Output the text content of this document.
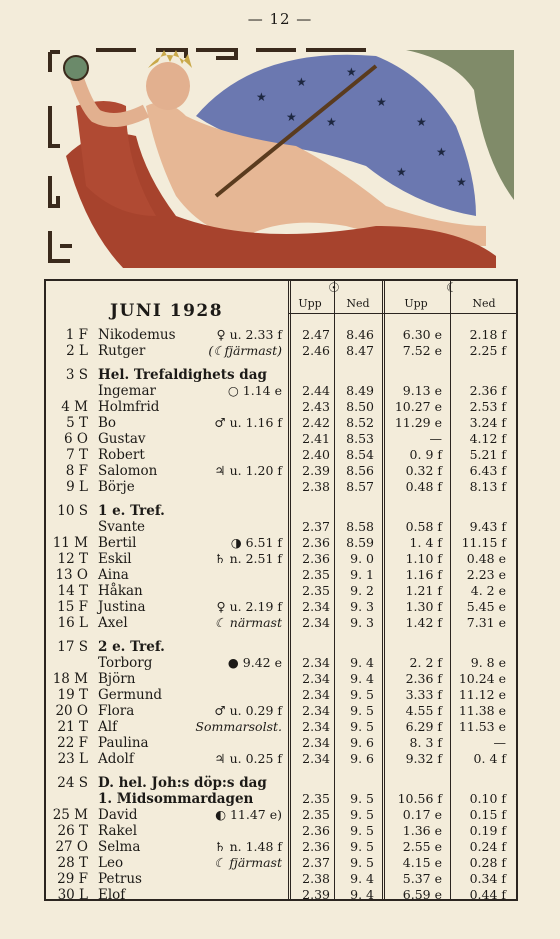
— 12 —
★
★
★
★
★
★
★
★
★
★
JUNI 1928
☉	☾
Upp	Ned	Upp	Ned
1 F Nikodemus	♀ u. 2.33 f	2.47	8.46	6.30 e	2.18 f
2 L Rutger	(☾fjärmast)	2.46	8.47	7.52 e	2.25 f
3 S Hel. Trefaldighets dag
Ingemar	○ 1.14 e	2.44	8.49	9.13 e	2.36 f
4 M Holmfrid	2.43	8.50	10.27 e	2.53 f
5 T Bo	♂ u. 1.16 f	2.42	8.52	11.29 e	3.24 f
6 O Gustav	2.41	8.53	—	4.12 f
7 T Robert	2.40	8.54	0. 9 f	5.21 f
8 F Salomon	♃ u. 1.20 f	2.39	8.56	0.32 f	6.43 f
9 L Börje	2.38	8.57	0.48 f	8.13 f
10 S 1 e. Tref.
Svante	2.37	8.58	0.58 f	9.43 f
11 M Bertil	◑ 6.51 f	2.36	8.59	1. 4 f	11.15 f
12 T Eskil	♄ n. 2.51 f	2.36	9. 0	1.10 f	0.48 e
13 O Aina	2.35	9. 1	1.16 f	2.23 e
14 T Håkan	2.35	9. 2	1.21 f	4. 2 e
15 F Justina	♀ u. 2.19 f	2.34	9. 3	1.30 f	5.45 e
16 L Axel	☾ närmast	2.34	9. 3	1.42 f	7.31 e
17 S 2 e. Tref.
Torborg	● 9.42 e	2.34	9. 4	2. 2 f	9. 8 e
18 M Björn	2.34	9. 4	2.36 f	10.24 e
19 T Germund	2.34	9. 5	3.33 f	11.12 e
20 O Flora	♂ u. 0.29 f	2.34	9. 5	4.55 f	11.38 e
21 T Alf	Sommarsolst.	2.34	9. 5	6.29 f	11.53 e
22 F Paulina	2.34	9. 6	8. 3 f	—
23 L Adolf	♃ u. 0.25 f	2.34	9. 6	9.32 f	0. 4 f
24 S D. hel. Joh:s döp:s dag
1. Midsommardagen	2.35	9. 5	10.56 f	0.10 f
25 M David	◐ 11.47 e)	2.35	9. 5	0.17 e	0.15 f
26 T Rakel	2.36	9. 5	1.36 e	0.19 f
27 O Selma	♄ n. 1.48 f	2.36	9. 5	2.55 e	0.24 f
28 T Leo	☾ fjärmast	2.37	9. 5	4.15 e	0.28 f
29 F Petrus	2.38	9. 4	5.37 e	0.34 f
30 L Elof	2.39	9. 4	6.59 e	0.44 f
